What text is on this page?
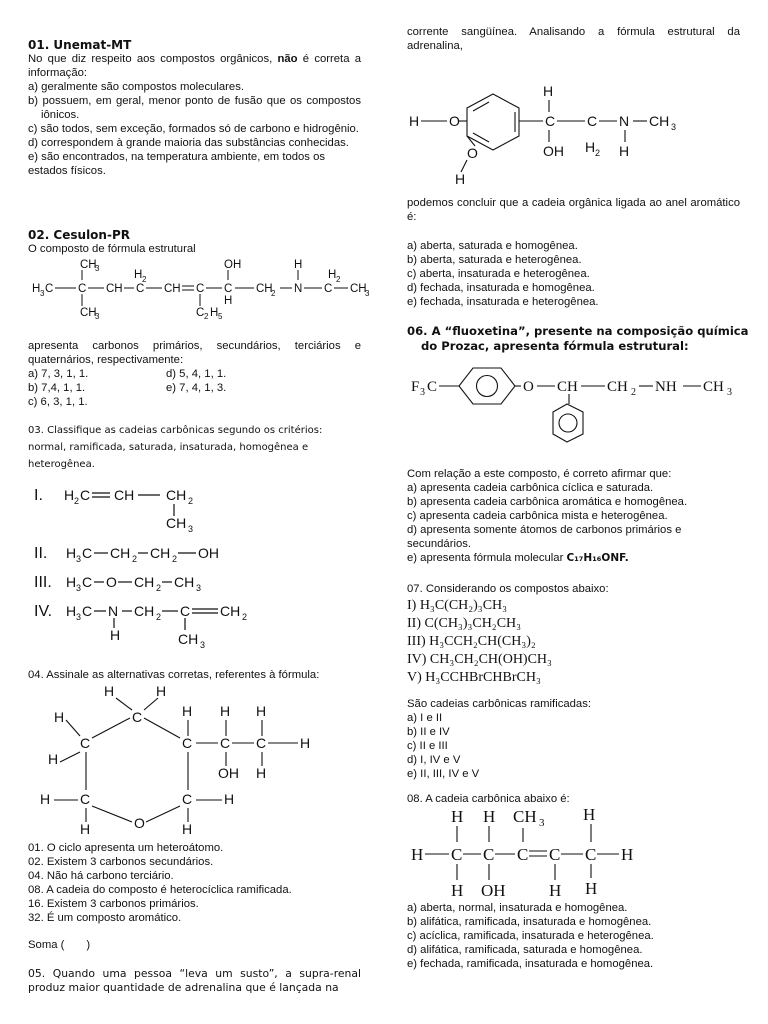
01. Unemat-MT
No que diz respeito aos compostos orgânicos, não é correta a informação:
a) geralmente são compostos moleculares.
b) possuem, em geral, menor ponto de fusão que os compostos iônicos.
c) são todos, sem exceção, formados só de carbono e hidrogênio.
d) correspondem à grande maioria das substâncias conhecidas.
e) são encontrados, na temperatura ambiente, em todos os estados físicos.
02. Cesulon-PR
O composto de fórmula estrutural
H 3 C C
CH
3
CH
3
CH C
H 2
CH C
C 2 H 5
C
OH
H
CH
2 N
H
C
H 2
CH
3
apresenta carbonos primários, secundários, terciários e quaternários, respectivamente:
a) 7, 3, 1, 1.	d) 5, 4, 1, 1.
b) 7,4, 1, 1.	e) 7, 4, 1, 3.
c) 6, 3, 1, 1.
03. Classifique as cadeias carbônicas segundo os critérios: normal, ramificada, saturada, insaturada, homogênea e heterogênea.
I.
II.
III.
IV.
H 2 C CH CH 2
CH 3
H 3 C CH 2 CH 2 OH
H 3 C O CH 2 CH 3
H 3 C N
H
CH 2 C
CH 3
CH 2
04. Assinale as alternativas corretas, referentes à fórmula:
H	H
C
H
C
H H H
C C C H
H
OH H
H C	C H
H	H
O
01. O ciclo apresenta um heteroátomo.
02. Existem 3 carbonos secundários.
04. Não há carbono terciário.
08. A cadeia do composto é heterocíclica ramificada.
16. Existem 3 carbonos primários.
32. É um composto aromático.
Soma (       )
05. Quando uma pessoa “leva um susto”, a supra-renal produz maior quantidade de adrenalina que é lançada na
corrente sangüínea. Analisando a fórmula estrutural da adrenalina,
H O
H
O
H
C
OH
C
H 2
N
H
CH 3
podemos concluir que a cadeia orgânica ligada ao anel aromático é:
a) aberta, saturada e homogênea.
b) aberta, saturada e heterogênea.
c) aberta, insaturada e heterogênea.
d) fechada, insaturada e homogênea.
e) fechada, insaturada e heterogênea.
06. A “fluoxetina”, presente na composição química do Prozac, apresenta fórmula estrutural:
F 3 C	O CH CH 2 NH CH 3
Com relação a este composto, é correto afirmar que:
a) apresenta cadeia carbônica cíclica e saturada.
b) apresenta cadeia carbônica aromática e homogênea.
c) apresenta cadeia carbônica mista e heterogênea.
d) apresenta somente átomos de carbonos primários e secundários.
e) apresenta fórmula molecular C₁₇H₁₆ONF.
07. Considerando os compostos abaixo:
I) H₃C(CH₂)₃CH₃
II) C(CH₃)₃CH₂CH₃
III) H₃CCH₂CH(CH₃)₂
IV) CH₃CH₂CH(OH)CH₃
V) H₃CCHBrCHBrCH₃
São cadeias carbônicas ramificadas:
a) I e II
b) II e IV
c) II e III
d) I, IV e V
e) II, III, IV e V
08. A cadeia carbônica abaixo é:
H H CH 3 H
H C C C C C H
H OH	H H
a) aberta, normal, insaturada e homogênea.
b) alifática, ramificada, insaturada e homogênea.
c) acíclica, ramificada, insaturada e heterogênea.
d) alifática, ramificada, saturada e homogênea.
e) fechada, ramificada, insaturada e homogênea.
